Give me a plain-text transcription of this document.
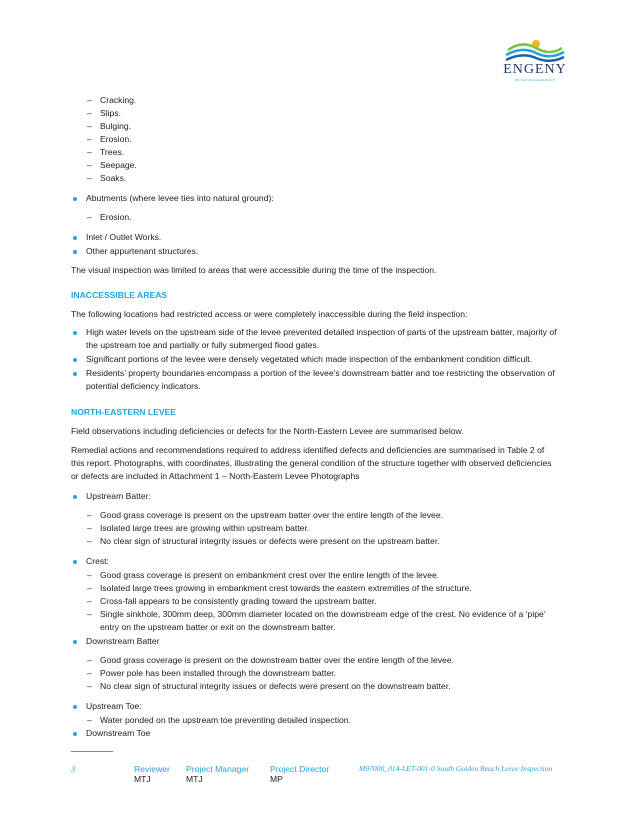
ENGENY
WATER MANAGEMENT
– Cracking.
– Slips.
– Bulging.
– Erosion.
– Trees.
– Seepage.
– Soaks.
Abutments (where levee ties into natural ground):
– Erosion.
Inlet / Outlet Works.
Other appurtenant structures.
The visual inspection was limited to areas that were accessible during the time of the inspection.
INACCESSIBLE AREAS
The following locations had restricted access or were completely inaccessible during the field inspection:
High water levels on the upstream side of the levee prevented detailed inspection of parts of the upstream batter, majority of
the upstream toe and partially or fully submerged flood gates.
Significant portions of the levee were densely vegetated which made inspection of the embankment condition difficult.
Residents’ property boundaries encompass a portion of the levee’s downstream batter and toe restricting the observation of
potential deficiency indicators.
NORTH-EASTERN LEVEE
Field observations including deficiencies or defects for the North-Eastern Levee are summarised below.
Remedial actions and recommendations required to address identified defects and deficiencies are summarised in Table 2 of
this report. Photographs, with coordinates, illustrating the general condition of the structure together with observed deficiencies
or defects are included in Attachment 1 – North-Eastern Levee Photographs
Upstream Batter:
– Good grass coverage is present on the upstream batter over the entire length of the levee.
– Isolated large trees are growing within upstream batter.
– No clear sign of structural integrity issues or defects were present on the upstream batter.
Crest:
– Good grass coverage is present on embankment crest over the entire length of the levee.
– Isolated large trees growing in embankment crest towards the eastern extremities of the structure.
– Cross-fall appears to be consistently grading toward the upstream batter.
– Single sinkhole, 300mm deep, 300mm diameter located on the downstream edge of the crest. No evidence of a ‘pipe’
entry on the upstream batter or exit on the downstream batter.
Downstream Batter
– Good grass coverage is present on the downstream batter over the entire length of the levee.
– Power pole has been installed through the downstream batter.
– No clear sign of structural integrity issues or defects were present on the downstream batter.
Upstream Toe:
– Water ponded on the upstream toe preventing detailed inspection.
Downstream Toe
3	Reviewer
MTJ
Project Manager
MTJ
Project Director
MP
M97000_014-LET-001-0 South Golden Beach Levee Inspection
